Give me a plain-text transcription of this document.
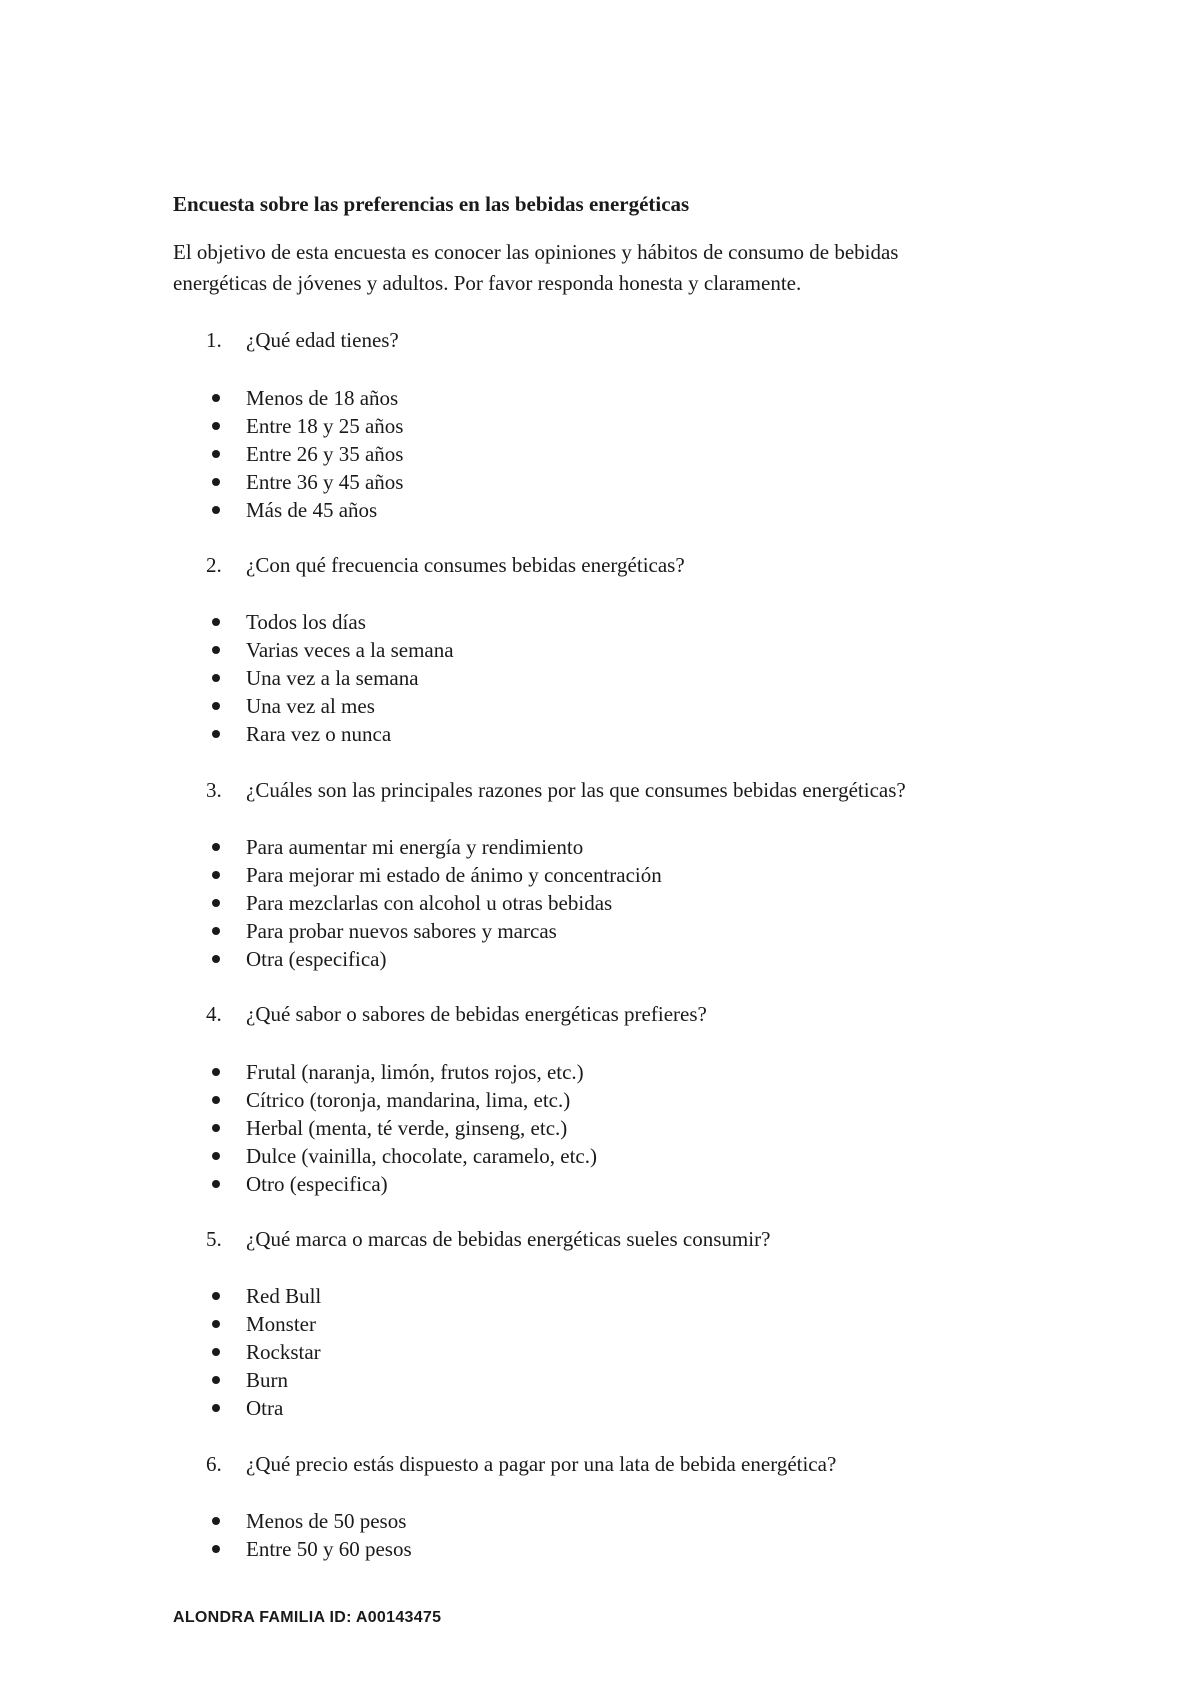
Encuesta sobre las preferencias en las bebidas energéticas

El objetivo de esta encuesta es conocer las opiniones y hábitos de consumo de bebidas

energéticas de jóvenes y adultos. Por favor responda honesta y claramente.

1. ¿Qué edad tienes?
Menos de 18 años
Entre 18 y 25 años
Entre 26 y 35 años
Entre 36 y 45 años
Más de 45 años
2. ¿Con qué frecuencia consumes bebidas energéticas?
Todos los días
Varias veces a la semana
Una vez a la semana
Una vez al mes
Rara vez o nunca
3. ¿Cuáles son las principales razones por las que consumes bebidas energéticas?
Para aumentar mi energía y rendimiento
Para mejorar mi estado de ánimo y concentración
Para mezclarlas con alcohol u otras bebidas
Para probar nuevos sabores y marcas
Otra (especifica)
4. ¿Qué sabor o sabores de bebidas energéticas prefieres?
Frutal (naranja, limón, frutos rojos, etc.)
Cítrico (toronja, mandarina, lima, etc.)
Herbal (menta, té verde, ginseng, etc.)
Dulce (vainilla, chocolate, caramelo, etc.)
Otro (especifica)
5. ¿Qué marca o marcas de bebidas energéticas sueles consumir?
Red Bull
Monster
Rockstar
Burn
Otra
6. ¿Qué precio estás dispuesto a pagar por una lata de bebida energética?
Menos de 50 pesos
Entre 50 y 60 pesos
ALONDRA FAMILIA ID: A00143475
